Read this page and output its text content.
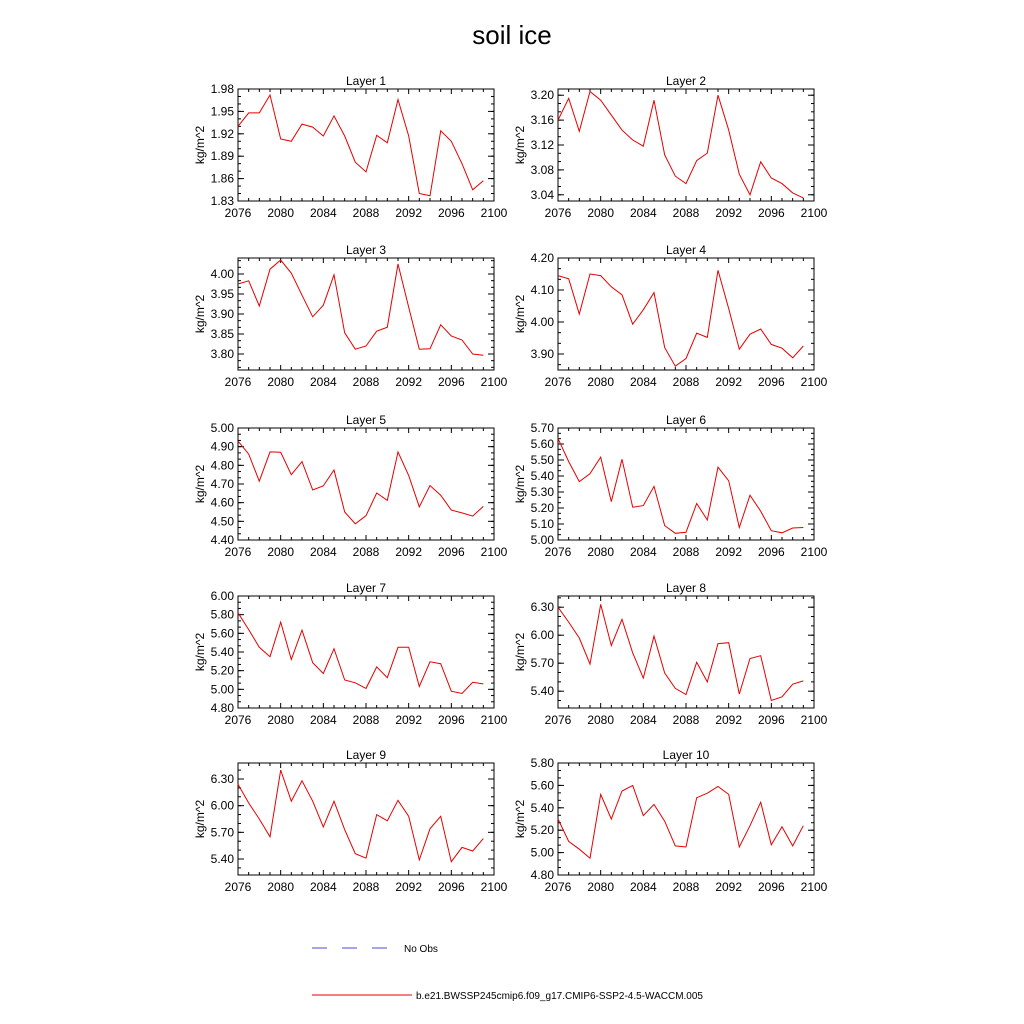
soil ice
Layer 1
kg/m^2
2076 2080 2084 2088 2092 2096 2100
1.83
1.86
1.89
1.92
1.95
1.98
Layer 2
kg/m^2
2076 2080 2084 2088 2092 2096 2100
3.04
3.08
3.12
3.16
3.20
Layer 3
kg/m^2
2076 2080 2084 2088 2092 2096 2100
3.80
3.85
3.90
3.95
4.00
Layer 4
kg/m^2
2076 2080 2084 2088 2092 2096 2100
3.90
4.00
4.10
4.20
Layer 5
kg/m^2
2076 2080 2084 2088 2092 2096 2100
4.40
4.50
4.60
4.70
4.80
4.90
5.00
Layer 6
kg/m^2
2076 2080 2084 2088 2092 2096 2100
5.00
5.10
5.20
5.30
5.40
5.50
5.60
5.70
Layer 7
kg/m^2
2076 2080 2084 2088 2092 2096 2100
4.80
5.00
5.20
5.40
5.60
5.80
6.00
Layer 8
kg/m^2
2076 2080 2084 2088 2092 2096 2100
5.40
5.70
6.00
6.30
Layer 9
kg/m^2
2076 2080 2084 2088 2092 2096 2100
5.40
5.70
6.00
6.30
Layer 10
kg/m^2
2076 2080 2084 2088 2092 2096 2100
4.80
5.00
5.20
5.40
5.60
5.80
No Obs
b.e21.BWSSP245cmip6.f09_g17.CMIP6-SSP2-4.5-WACCM.005
